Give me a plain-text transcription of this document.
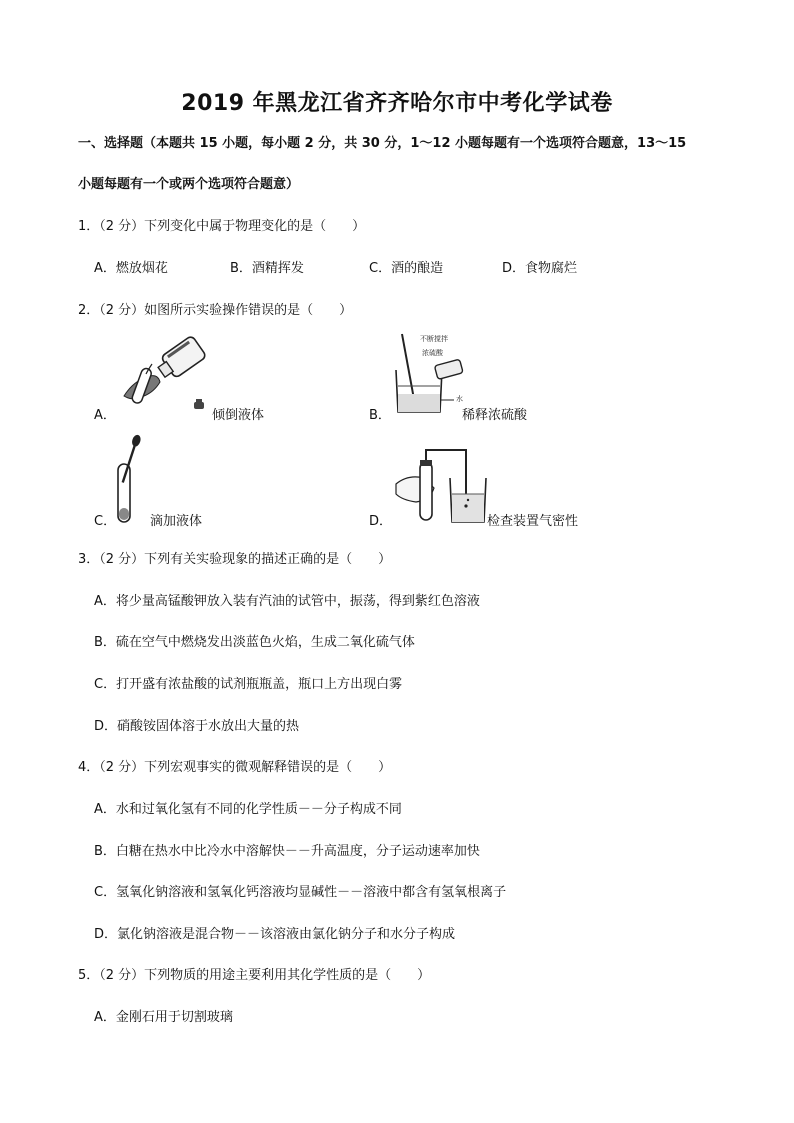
2019 年黑龙江省齐齐哈尔市中考化学试卷
一、选择题（本题共 15 小题，每小题 2 分，共 30 分，1～12 小题每题有一个选项符合题意，13～15
小题每题有一个或两个选项符合题意）
1．（2 分）下列变化中属于物理变化的是（　　）
A．燃放烟花	B．酒精挥发	C．酒的酿造	D．食物腐烂
2．（2 分）如图所示实验操作错误的是（　　）
A．	倾倒液体	B．
不断搅拌
浓硫酸
水
稀释浓硫酸
C．	滴加液体	D．	检查装置气密性
3．（2 分）下列有关实验现象的描述正确的是（　　）
A．将少量高锰酸钾放入装有汽油的试管中，振荡，得到紫红色溶液
B．硫在空气中燃烧发出淡蓝色火焰，生成二氧化硫气体
C．打开盛有浓盐酸的试剂瓶瓶盖，瓶口上方出现白雾
D．硝酸铵固体溶于水放出大量的热
4．（2 分）下列宏观事实的微观解释错误的是（　　）
A．水和过氧化氢有不同的化学性质－－分子构成不同
B．白糖在热水中比冷水中溶解快－－升高温度，分子运动速率加快
C．氢氧化钠溶液和氢氧化钙溶液均显碱性－－溶液中都含有氢氧根离子
D．氯化钠溶液是混合物－－该溶液由氯化钠分子和水分子构成
5．（2 分）下列物质的用途主要利用其化学性质的是（　　）
A．金刚石用于切割玻璃
